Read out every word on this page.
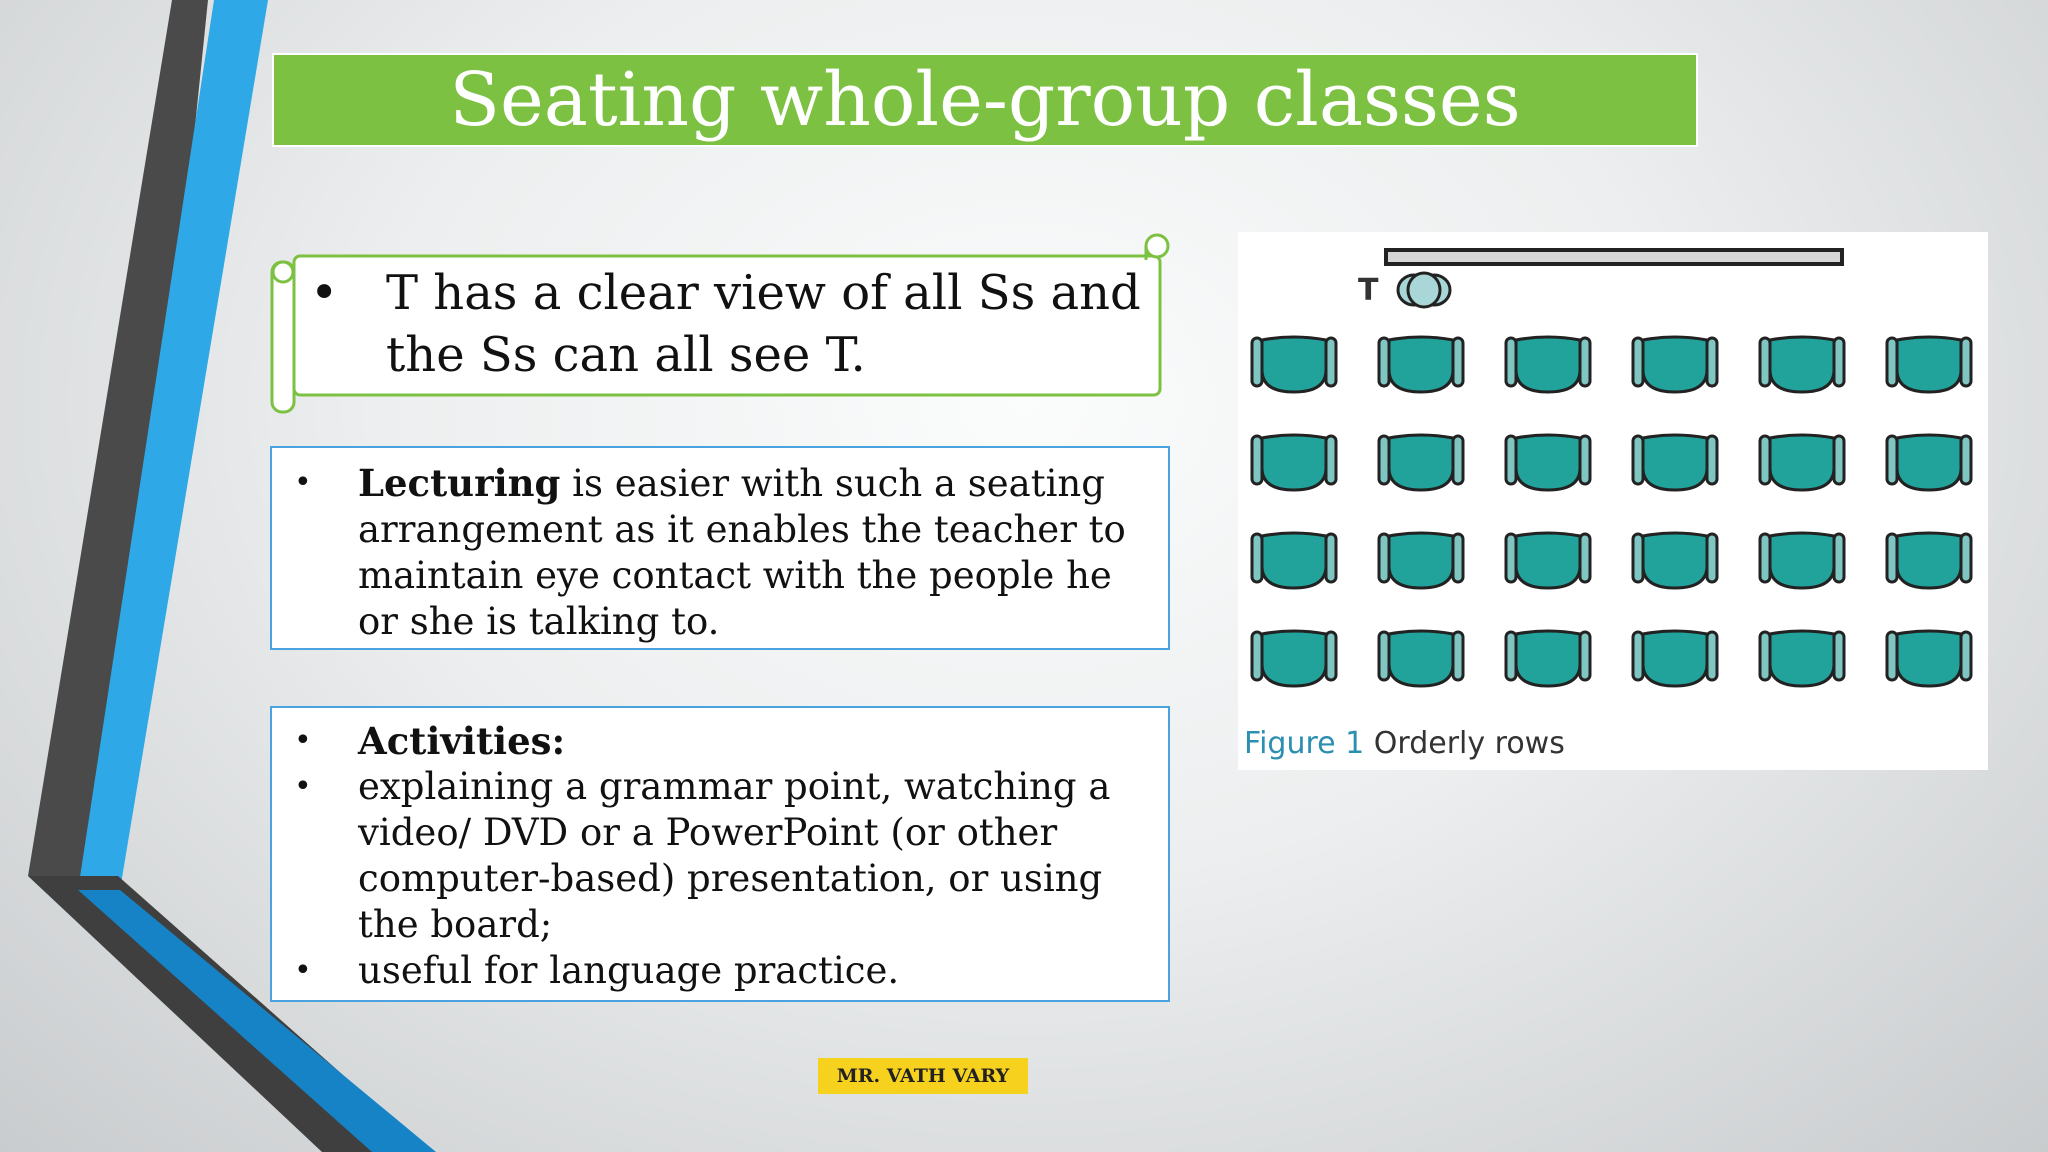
Seating whole-group classes
• T has a clear view of all Ss and
the Ss can all see T.

• Lecturing is easier with such a seating arrangement as it enables the teacher to maintain eye contact with the people he or she is talking to.

• Activities:

• explaining a grammar point, watching a video/ DVD or a PowerPoint (or other computer-based) presentation, or using the board;

• useful for language practice.

T
Figure 1 Orderly rows
MR. VATH VARY
